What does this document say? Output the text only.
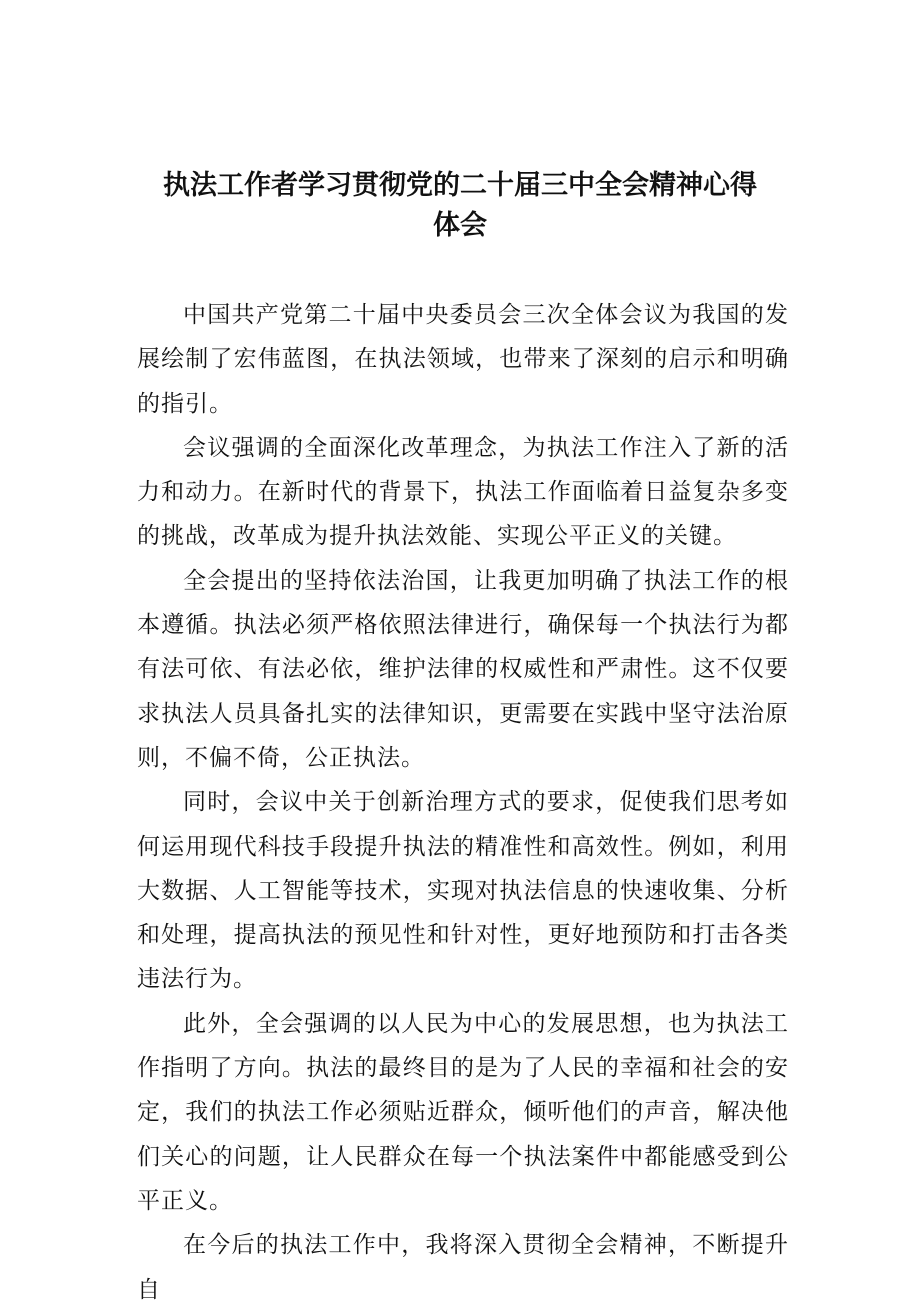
执法工作者学习贯彻党的二十届三中全会精神心得体会

中国共产党第二十届中央委员会三次全体会议为我国的发展绘制了宏伟蓝图，在执法领域，也带来了深刻的启示和明确的指引。

会议强调的全面深化改革理念，为执法工作注入了新的活力和动力。在新时代的背景下，执法工作面临着日益复杂多变的挑战，改革成为提升执法效能、实现公平正义的关键。

全会提出的坚持依法治国，让我更加明确了执法工作的根本遵循。执法必须严格依照法律进行，确保每一个执法行为都有法可依、有法必依，维护法律的权威性和严肃性。这不仅要求执法人员具备扎实的法律知识，更需要在实践中坚守法治原则，不偏不倚，公正执法。

同时，会议中关于创新治理方式的要求，促使我们思考如何运用现代科技手段提升执法的精准性和高效性。例如，利用大数据、人工智能等技术，实现对执法信息的快速收集、分析和处理，提高执法的预见性和针对性，更好地预防和打击各类违法行为。

此外，全会强调的以人民为中心的发展思想，也为执法工作指明了方向。执法的最终目的是为了人民的幸福和社会的安定，我们的执法工作必须贴近群众，倾听他们的声音，解决他们关心的问题，让人民群众在每一个执法案件中都能感受到公平正义。

在今后的执法工作中，我将深入贯彻全会精神，不断提升自
